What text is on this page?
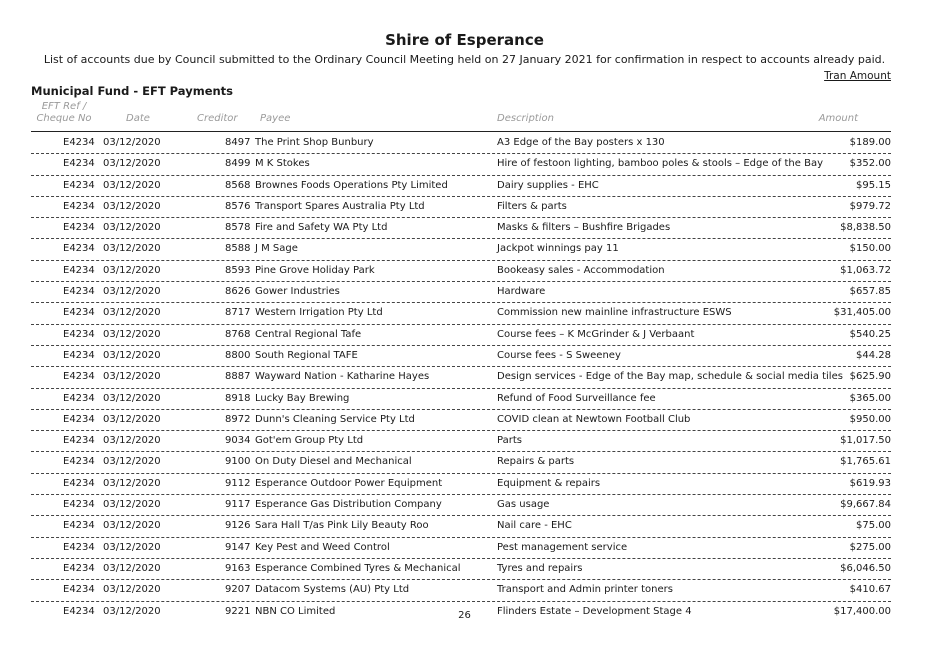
Shire of Esperance
List of accounts due by Council submitted to the Ordinary Council Meeting held on 27 January 2021 for confirmation in respect to accounts already paid.
Tran Amount
Municipal Fund - EFT Payments
EFT Ref /
Cheque No	Date	Creditor Payee	Description	Amount
E4234 03/12/2020	8497 The Print Shop Bunbury	A3 Edge of the Bay posters x 130	$189.00
E4234 03/12/2020	8499 M K Stokes	Hire of festoon lighting, bamboo poles & stools – Edge of the Bay	$352.00
E4234 03/12/2020	8568 Brownes Foods Operations Pty Limited	Dairy supplies - EHC	$95.15
E4234 03/12/2020	8576 Transport Spares Australia Pty Ltd	Filters & parts	$979.72
E4234 03/12/2020	8578 Fire and Safety WA Pty Ltd	Masks & filters – Bushfire Brigades	$8,838.50
E4234 03/12/2020	8588 J M Sage	Jackpot winnings pay 11	$150.00
E4234 03/12/2020	8593 Pine Grove Holiday Park	Bookeasy sales - Accommodation	$1,063.72
E4234 03/12/2020	8626 Gower Industries	Hardware	$657.85
E4234 03/12/2020	8717 Western Irrigation Pty Ltd	Commission new mainline infrastructure ESWS	$31,405.00
E4234 03/12/2020	8768 Central Regional Tafe	Course fees – K McGrinder & J Verbaant	$540.25
E4234 03/12/2020	8800 South Regional TAFE	Course fees - S Sweeney	$44.28
E4234 03/12/2020	8887 Wayward Nation - Katharine Hayes	Design services - Edge of the Bay map, schedule & social media tiles $625.90
E4234 03/12/2020	8918 Lucky Bay Brewing	Refund of Food Surveillance fee	$365.00
E4234 03/12/2020	8972 Dunn's Cleaning Service Pty Ltd	COVID clean at Newtown Football Club	$950.00
E4234 03/12/2020	9034 Got'em Group Pty Ltd	Parts	$1,017.50
E4234 03/12/2020	9100 On Duty Diesel and Mechanical	Repairs & parts	$1,765.61
E4234 03/12/2020	9112 Esperance Outdoor Power Equipment	Equipment & repairs	$619.93
E4234 03/12/2020	9117 Esperance Gas Distribution Company	Gas usage	$9,667.84
E4234 03/12/2020	9126 Sara Hall T/as Pink Lily Beauty Roo	Nail care - EHC	$75.00
E4234 03/12/2020	9147 Key Pest and Weed Control	Pest management service	$275.00
E4234 03/12/2020	9163 Esperance Combined Tyres & Mechanical	Tyres and repairs	$6,046.50
E4234 03/12/2020	9207 Datacom Systems (AU) Pty Ltd	Transport and Admin printer toners	$410.67
E4234 03/12/2020	9221 NBN CO Limited	Flinders Estate – Development Stage 4	$17,400.00
26
